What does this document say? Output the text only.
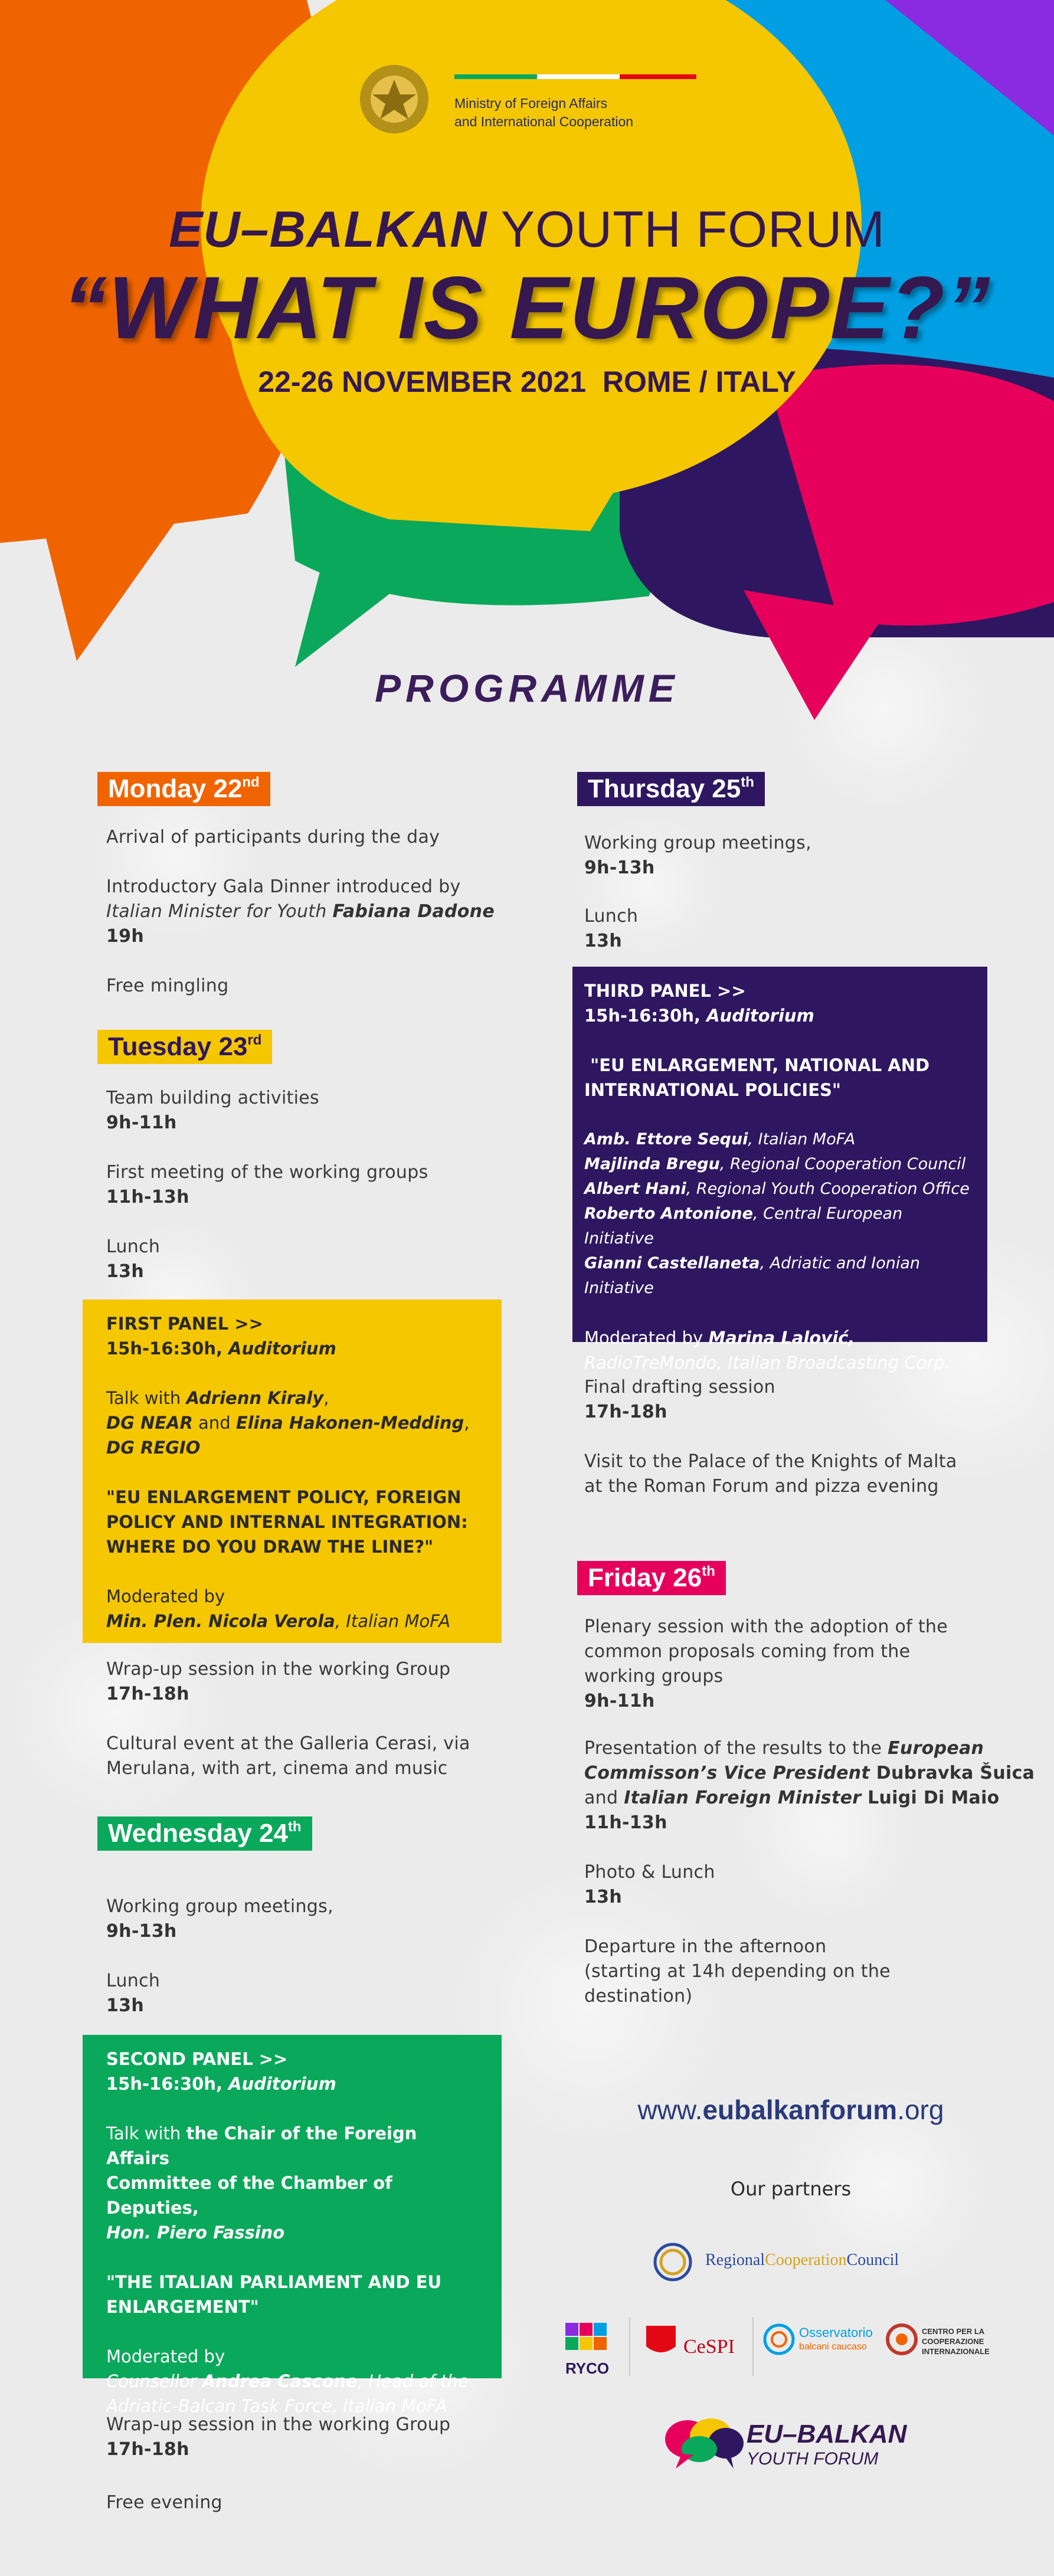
Ministry of Foreign Affairs
and International Cooperation
EU–BALKAN YOUTH FORUM
“WHAT IS EUROPE?”
22-26 NOVEMBER 2021  ROME / ITALY
PROGRAMME
Monday 22nd
Arrival of participants during the day
Introductory Gala Dinner introduced by
Italian Minister for Youth Fabiana Dadone
19h
Free mingling
Tuesday 23rd
Team building activities
9h-11h
First meeting of the working groups
11h-13h
Lunch
13h

FIRST PANEL >>
15h-16:30h, Auditorium

Talk with Adrienn Kiraly,
DG NEAR and Elina Hakonen-Medding,
DG REGIO

"EU ENLARGEMENT POLICY, FOREIGN
POLICY AND INTERNAL INTEGRATION:
WHERE DO YOU DRAW THE LINE?"

Moderated by
Min. Plen. Nicola Verola, Italian MoFA

Wrap-up session in the working Group
17h-18h
Cultural event at the Galleria Cerasi, via
Merulana, with art, cinema and music
Wednesday 24th
Working group meetings,
9h-13h
Lunch
13h

SECOND PANEL >>
15h-16:30h, Auditorium

Talk with the Chair of the Foreign Affairs
Committee of the Chamber of Deputies,
Hon. Piero Fassino

"THE ITALIAN PARLIAMENT AND EU
ENLARGEMENT"

Moderated by
Counsellor Andrea Cascone, Head of the
Adriatic-Balcan Task Force, Italian MoFA

Wrap-up session in the working Group
17h-18h
Free evening
Thursday 25th
Working group meetings,
9h-13h
Lunch
13h

THIRD PANEL >>
15h-16:30h, Auditorium

"EU ENLARGEMENT, NATIONAL AND
INTERNATIONAL POLICIES"

Amb. Ettore Sequi, Italian MoFA
Majlinda Bregu, Regional Cooperation Council
Albert Hani, Regional Youth Cooperation Office
Roberto Antonione, Central European Initiative
Gianni Castellaneta, Adriatic and Ionian Initiative

Moderated by Marina Lalović,
RadioTreMondo, Italian Broadcasting Corp.

Final drafting session
17h-18h
Visit to the Palace of the Knights of Malta
at the Roman Forum and pizza evening
Friday 26th
Plenary session with the adoption of the
common proposals coming from the
working groups
9h-11h
Presentation of the results to the European
Commisson’s Vice President Dubravka Šuica
and Italian Foreign Minister Luigi Di Maio
11h-13h
Photo & Lunch
13h
Departure in the afternoon
(starting at 14h depending on the
destination)
www.eubalkanforum.org
Our partners
RegionalCooperationCouncil
RYCO
CeSPI
Osservatorio
balcani caucaso
CENTRO PER LA
COOPERAZIONE
INTERNAZIONALE
EU–BALKAN
YOUTH FORUM
